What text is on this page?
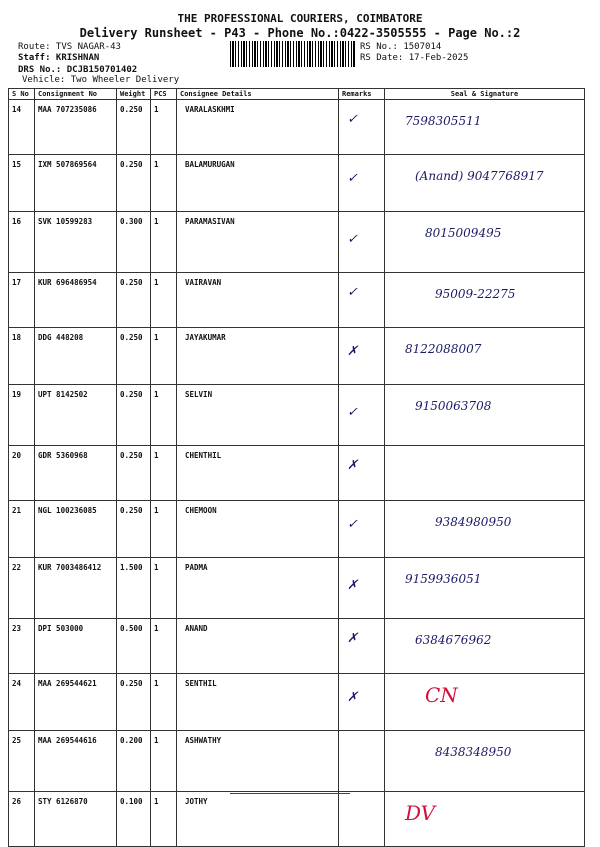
THE PROFESSIONAL COURIERS, COIMBATORE
Delivery Runsheet - P43 - Phone No.:0422-3505555 - Page No.:2
Route: TVS NAGAR-43
Staff: KRISHNAN
DRS No.: DCJB150701402
Vehicle: Two Wheeler Delivery
RS No.: 1507014
RS Date: 17-Feb-2025
S No	Consignment No	Weight	PCS	Consignee Details	Remarks	Seal & Signature
14	MAA 707235086	0.250	1	VARALASKHMI	✓	7598305511
15	IXM 507869564	0.250	1	BALAMURUGAN	✓	(Anand) 9047768917
16	SVK 10599283	0.300	1	PARAMASIVAN	✓	8015009495
17	KUR 696486954	0.250	1	VAIRAVAN	✓	95009-22275
18	DDG 448208	0.250	1	JAYAKUMAR	✗	8122088007
19	UPT 8142502	0.250	1	SELVIN	✓	9150063708
20	GDR 5360968	0.250	1	CHENTHIL	✗	
21	NGL 100236085	0.250	1	CHEMOON	✓	9384980950
22	KUR 7003486412	1.500	1	PADMA	✗	9159936051
23	DPI 503000	0.500	1	ANAND	✗	6384676962
24	MAA 269544621	0.250	1	SENTHIL	✗	CN
25	MAA 269544616	0.200	1	ASHWATHY		8438348950
26	STY 6126870	0.100	1	JOTHY		DV
